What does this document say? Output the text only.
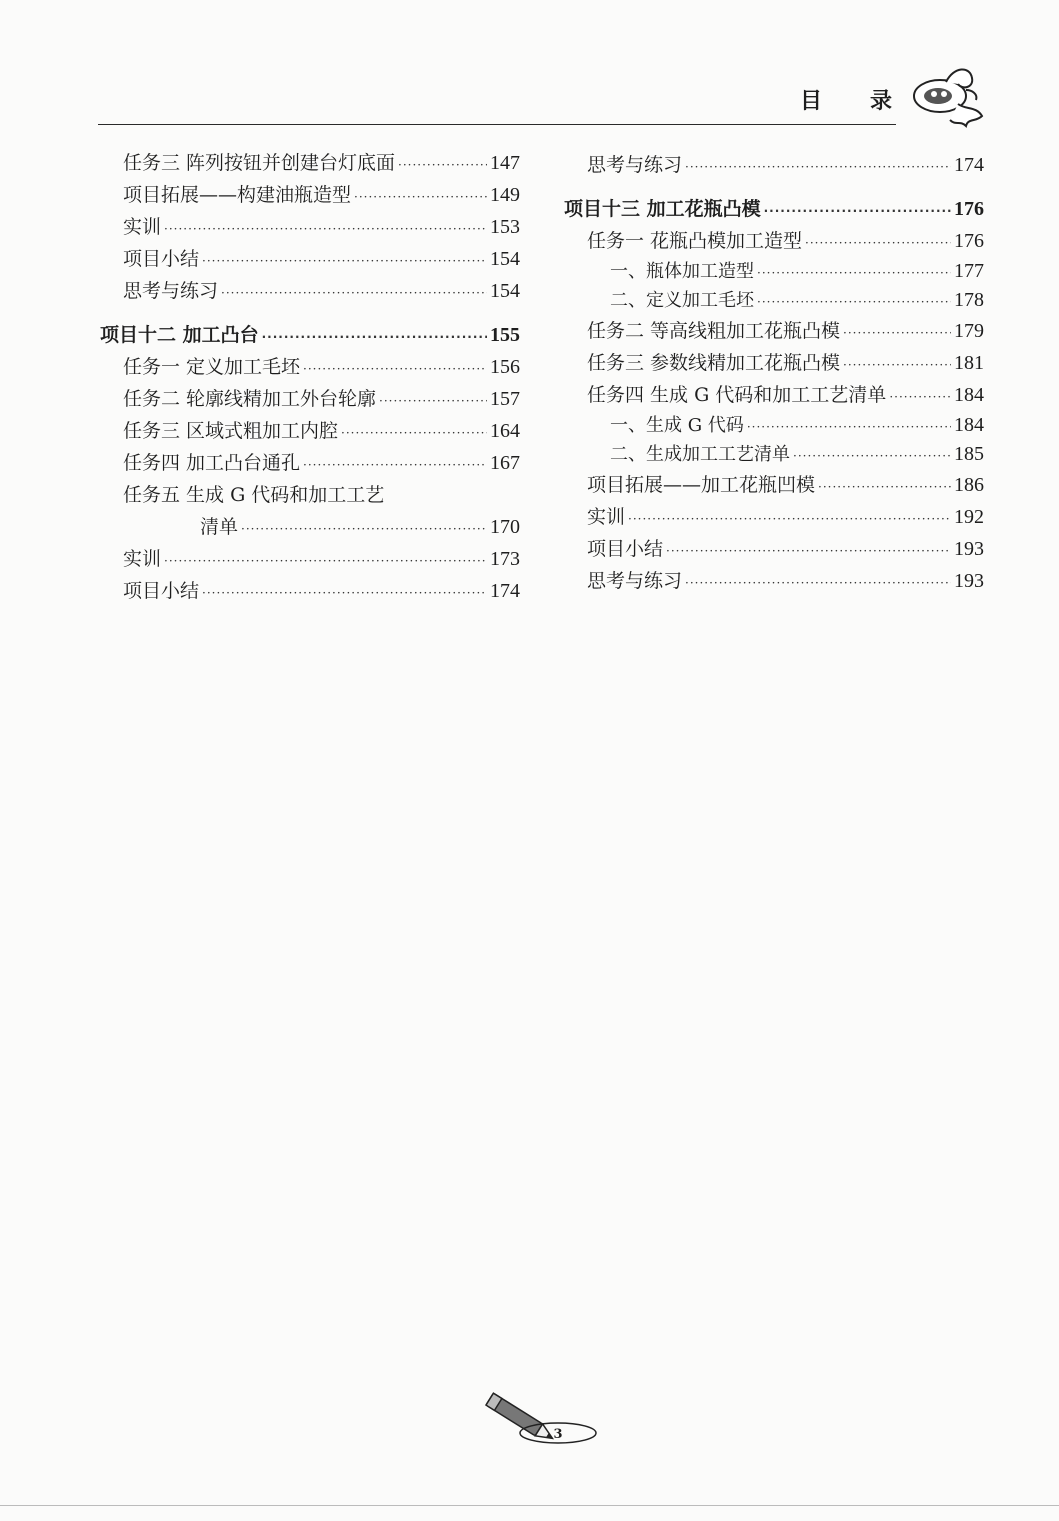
目 录
任务三 阵列按钮并创建台灯底面 ·····	147
项目拓展——构建油瓶造型 ·····	149
实训 ·····	153
项目小结 ·····	154
思考与练习 ·····	154
项目十二 加工凸台 ·····	155
任务一 定义加工毛坯 ·····	156
任务二 轮廓线精加工外台轮廓 ·····	157
任务三 区域式粗加工内腔 ·····	164
任务四 加工凸台通孔 ·····	167
任务五 生成 G 代码和加工工艺
清单 ·····	170
实训 ·····	173
项目小结 ·····	174
思考与练习 ·····	174
项目十三 加工花瓶凸模 ·····	176
任务一 花瓶凸模加工造型 ·····	176
一、瓶体加工造型 ·····	177
二、定义加工毛坯 ·····	178
任务二 等高线粗加工花瓶凸模 ·····	179
任务三 参数线精加工花瓶凸模 ·····	181
任务四 生成 G 代码和加工工艺清单 ·····	184
一、生成 G 代码 ·····	184
二、生成加工工艺清单 ·····	185
项目拓展——加工花瓶凹模 ·····	186
实训 ·····	192
项目小结 ·····	193
思考与练习 ·····	193
3
